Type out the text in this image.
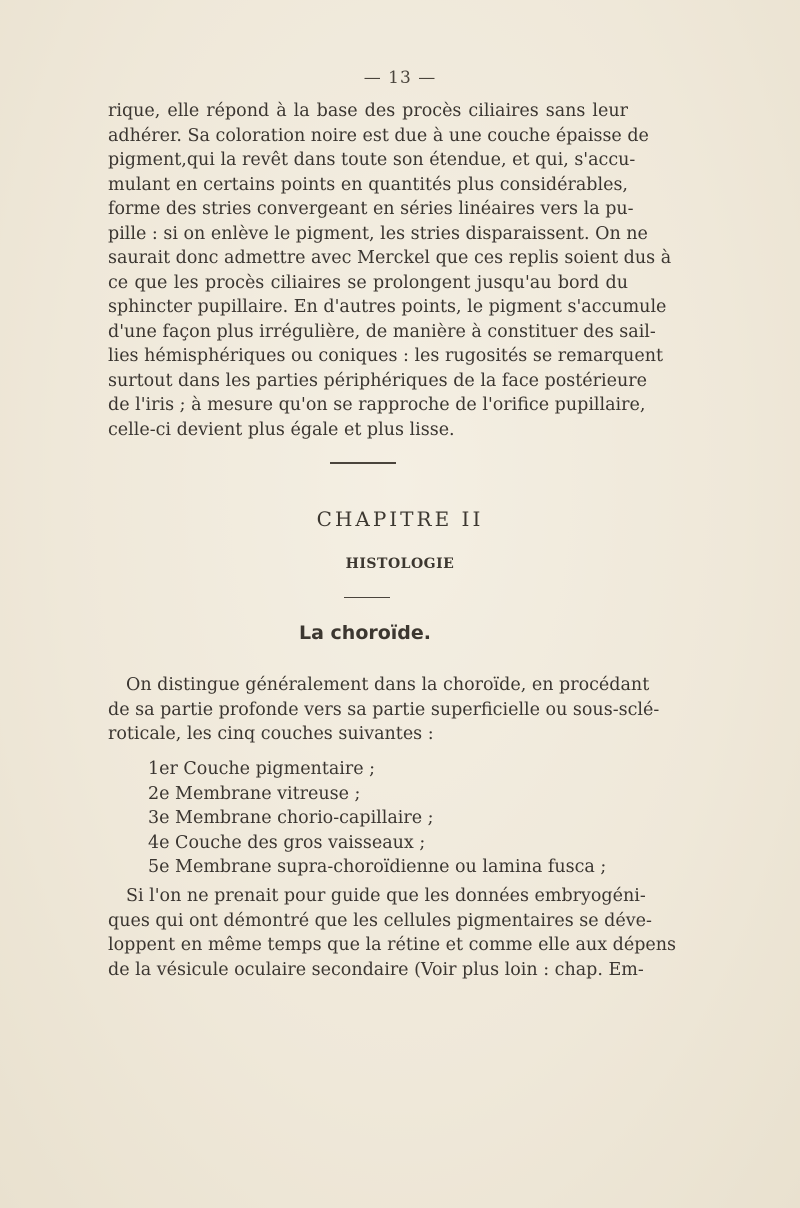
— 13 —
rique, elle répond à la base des procès ciliaires sans leur
adhérer. Sa coloration noire est due à une couche épaisse de
pigment,qui la revêt dans toute son étendue, et qui, s'accu-
mulant en certains points en quantités plus considérables,
forme des stries convergeant en séries linéaires vers la pu-
pille : si on enlève le pigment, les stries disparaissent. On ne
saurait donc admettre avec Merckel que ces replis soient dus à
ce que les procès ciliaires se prolongent jusqu'au bord du
sphincter pupillaire. En d'autres points, le pigment s'accumule
d'une façon plus irrégulière, de manière à constituer des sail-
lies hémisphériques ou coniques : les rugosités se remarquent
surtout dans les parties périphériques de la face postérieure
de l'iris ; à mesure qu'on se rapproche de l'orifice pupillaire,
celle-ci devient plus égale et plus lisse.
CHAPITRE II
HISTOLOGIE
La choroïde.
On distingue généralement dans la choroïde, en procédant
de sa partie profonde vers sa partie superficielle ou sous-sclé-
roticale, les cinq couches suivantes :
1er Couche pigmentaire ;
2e Membrane vitreuse ;
3e Membrane chorio-capillaire ;
4e Couche des gros vaisseaux ;
5e Membrane supra-choroïdienne ou lamina fusca ;
Si l'on ne prenait pour guide que les données embryogéni-
ques qui ont démontré que les cellules pigmentaires se déve-
loppent en même temps que la rétine et comme elle aux dépens
de la vésicule oculaire secondaire (Voir plus loin : chap. Em-
